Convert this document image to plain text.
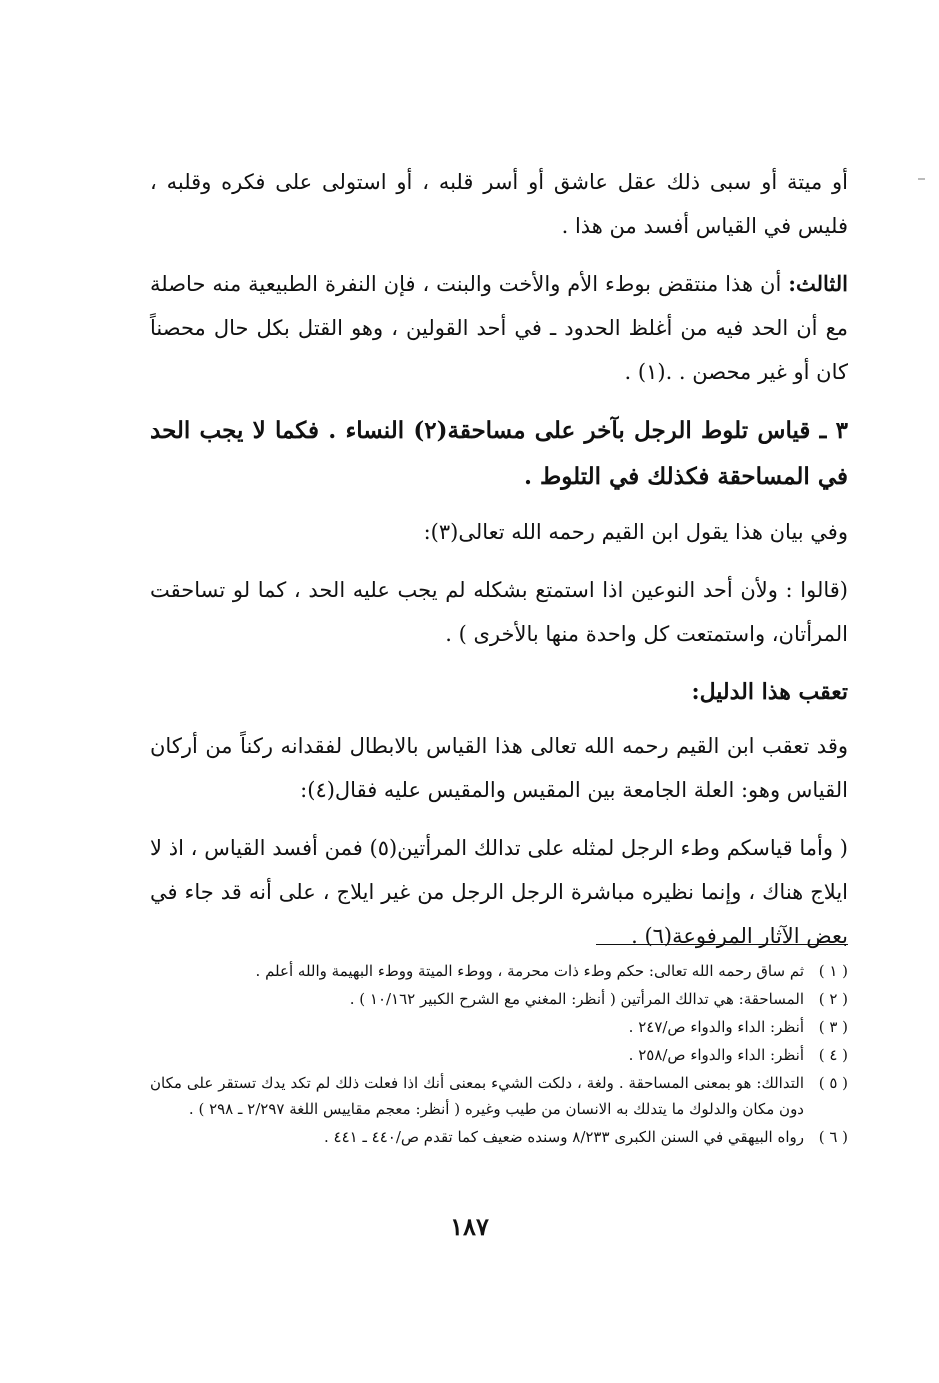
أو ميتة أو سبى ذلك عقل عاشق أو أسر قلبه ، أو استولى على فكره وقلبه ، فليس في القياس أفسد من هذا .

الثالث: أن هذا منتقض بوطء الأم والأخت والبنت ، فإن النفرة الطبيعية منه حاصلة مع أن الحد فيه من أغلظ الحدود ـ في أحد القولين ، وهو القتل بكل حال محصناً كان أو غير محصن . .(١) .

٣ ـ قياس تلوط الرجل بآخر على مساحقة(٢) النساء . فكما لا يجب الحد في المساحقة فكذلك في التلوط .

وفي بيان هذا يقول ابن القيم رحمه الله تعالى(٣):

(قالوا : ولأن أحد النوعين اذا استمتع بشكله لم يجب عليه الحد ، كما لو تساحقت المرأتان، واستمتعت كل واحدة منها بالأخرى ) .

تعقب هذا الدليل:

وقد تعقب ابن القيم رحمه الله تعالى هذا القياس بالابطال لفقدانه ركناً من أركان القياس وهو: العلة الجامعة بين المقيس والمقيس عليه فقال(٤):

( وأما قياسكم وطء الرجل لمثله على تدالك المرأتين(٥) فمن أفسد القياس ، اذ لا ايلاج هناك ، وإنما نظيره مباشرة الرجل الرجل من غير ايلاج ، على أنه قد جاء في بعض الآثار المرفوعة(٦) .

( ١ )
ثم ساق رحمه الله تعالى: حكم وطء ذات محرمة ، ووطء الميتة ووطء البهيمة والله أعلم .
( ٢ )
المساحقة: هي تدالك المرأتين ( أنظر: المغني مع الشرح الكبير ١٠/١٦٢ ) .
( ٣ )
أنظر: الداء والدواء ص/٢٤٧ .
( ٤ )
أنظر: الداء والدواء ص/٢٥٨ .
( ٥ )
التدالك: هو بمعنى المساحقة . ولغة ، دلكت الشيء بمعنى أنك اذا فعلت ذلك لم تكد يدك تستقر على مكان دون مكان والدلوك ما يتدلك به الانسان من طيب وغيره ( أنظر: معجم مقاييس اللغة ٢/٢٩٧ ـ ٢٩٨ ) .
( ٦ )
رواه البيهقي في السنن الكبرى ٨/٢٣٣ وسنده ضعيف كما تقدم ص/٤٤٠ ـ ٤٤١ .
١٨٧
